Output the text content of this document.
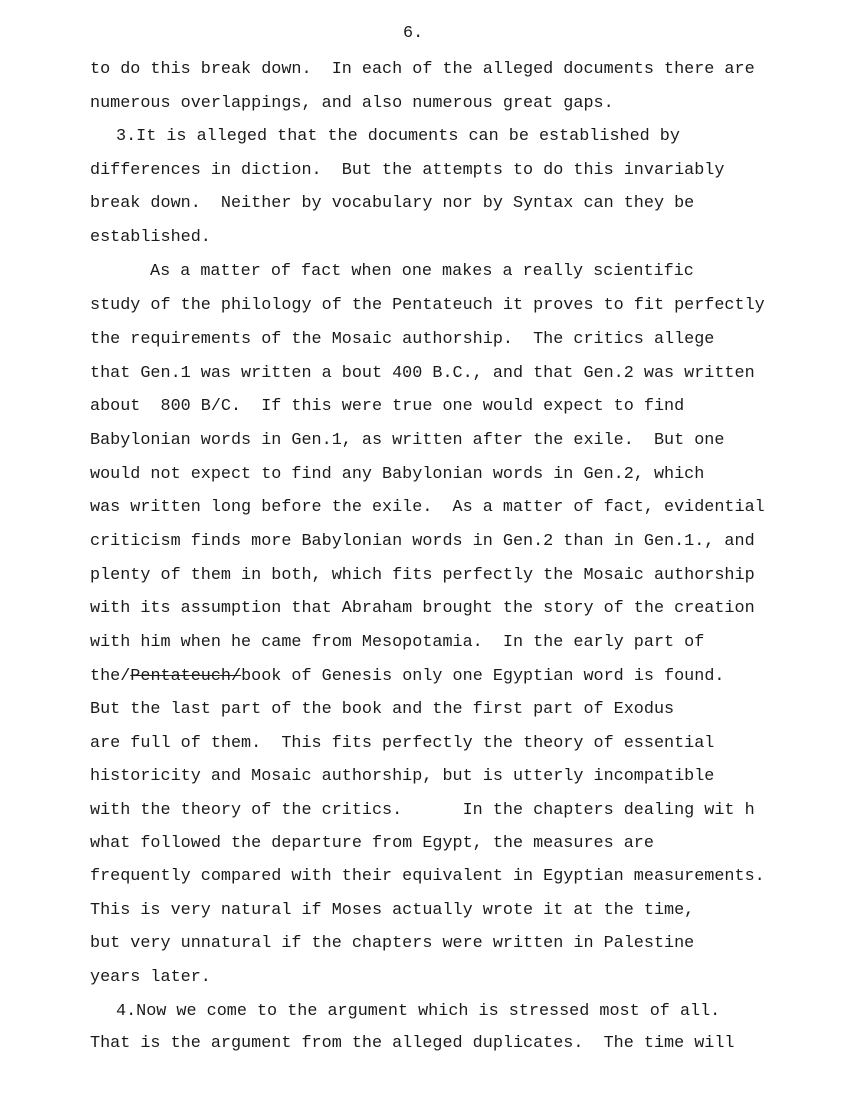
6.
to do this break down.  In each of the alleged documents there are
numerous overlappings, and also numerous great gaps.
3.It is alleged that the documents can be established by
differences in diction.  But the attempts to do this invariably
break down.  Neither by vocabulary nor by Syntax can they be
established.
As a matter of fact when one makes a really scientific
study of the philology of the Pentateuch it proves to fit perfectly
the requirements of the Mosaic authorship.  The critics allege
that Gen.1 was written a bout 400 B.C., and that Gen.2 was written
about  800 B/C.  If this were true one would expect to find
Babylonian words in Gen.1, as written after the exile.  But one
would not expect to find any Babylonian words in Gen.2, which
was written long before the exile.  As a matter of fact, evidential
criticism finds more Babylonian words in Gen.2 than in Gen.1., and
plenty of them in both, which fits perfectly the Mosaic authorship
with its assumption that Abraham brought the story of the creation
with him when he came from Mesopotamia.  In the early part of
the/Pentateuch/book of Genesis only one Egyptian word is found.
But the last part of the book and the first part of Exodus
are full of them.  This fits perfectly the theory of essential
historicity and Mosaic authorship, but is utterly incompatible
with the theory of the critics.      In the chapters dealing wit h
what followed the departure from Egypt, the measures are
frequently compared with their equivalent in Egyptian measurements.
This is very natural if Moses actually wrote it at the time,
but very unnatural if the chapters were written in Palestine
years later.
4.Now we come to the argument which is stressed most of all.
That is the argument from the alleged duplicates.  The time will
